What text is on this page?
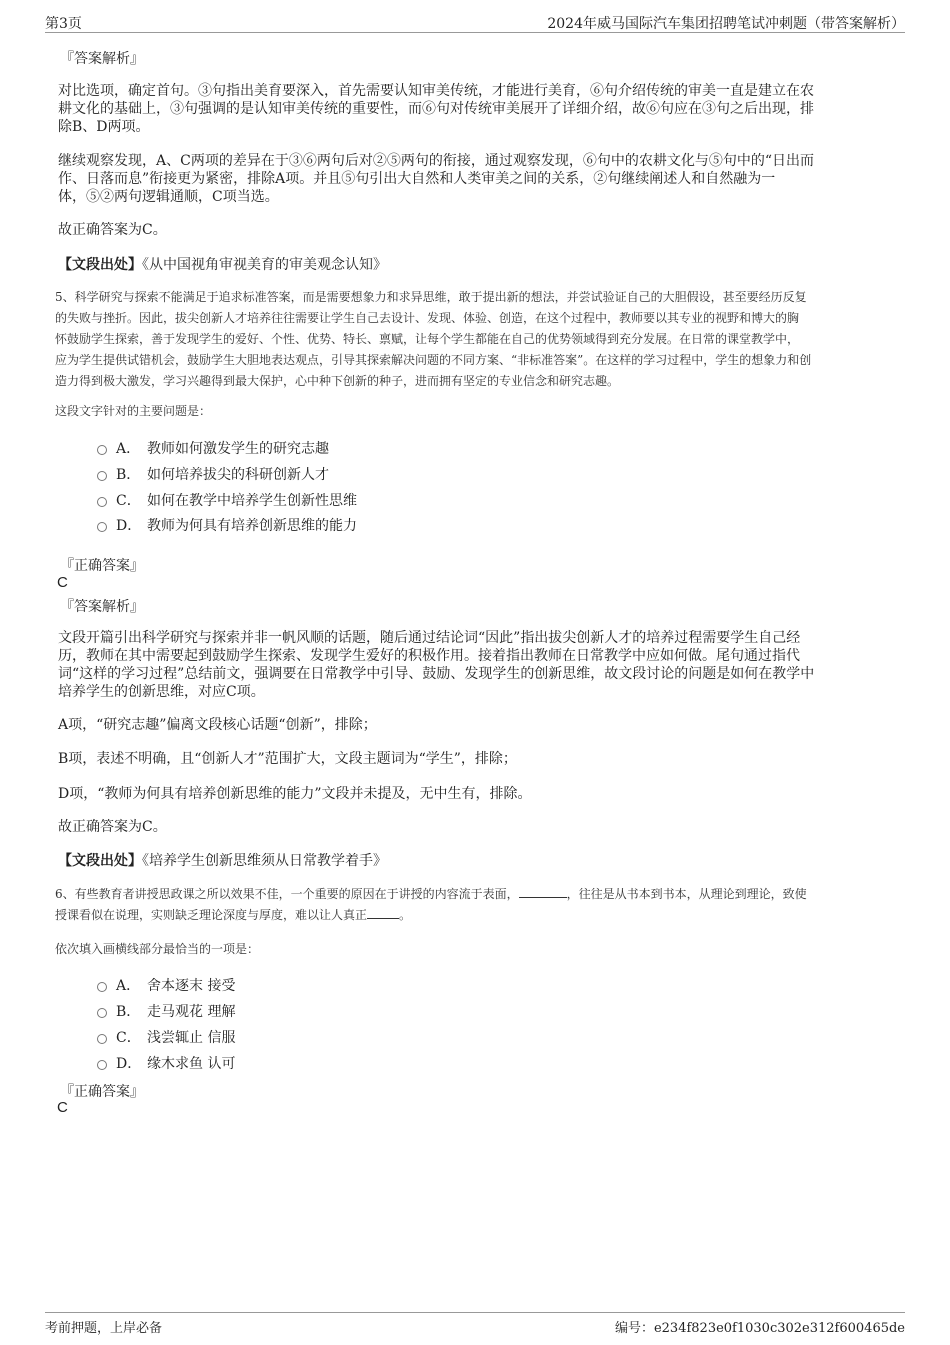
第3页	2024年威马国际汽车集团招聘笔试冲刺题（带答案解析）
『答案解析』
对比选项，确定首句。③句指出美育要深入，首先需要认知审美传统，才能进行美育，⑥句介绍传统的审美一直是建立在农
耕文化的基础上，③句强调的是认知审美传统的重要性，而⑥句对传统审美展开了详细介绍，故⑥句应在③句之后出现，排
除B、D两项。
继续观察发现，A、C两项的差异在于③⑥两句后对②⑤两句的衔接，通过观察发现，⑥句中的农耕文化与⑤句中的“日出而
作、日落而息”衔接更为紧密，排除A项。并且⑤句引出大自然和人类审美之间的关系，②句继续阐述人和自然融为一
体，⑤②两句逻辑通顺，C项当选。
故正确答案为C。
【文段出处】《从中国视角审视美育的审美观念认知》
5、科学研究与探索不能满足于追求标准答案，而是需要想象力和求异思维，敢于提出新的想法，并尝试验证自己的大胆假设，甚至要经历反复
的失败与挫折。因此，拔尖创新人才培养往往需要让学生自己去设计、发现、体验、创造，在这个过程中，教师要以其专业的视野和博大的胸
怀鼓励学生探索，善于发现学生的爱好、个性、优势、特长、禀赋，让每个学生都能在自己的优势领域得到充分发展。在日常的课堂教学中，
应为学生提供试错机会，鼓励学生大胆地表达观点，引导其探索解决问题的不同方案、“非标准答案”。在这样的学习过程中，学生的想象力和创
造力得到极大激发，学习兴趣得到最大保护，心中种下创新的种子，进而拥有坚定的专业信念和研究志趣。
这段文字针对的主要问题是：
A． 教师如何激发学生的研究志趣
B． 如何培养拔尖的科研创新人才
C． 如何在教学中培养学生创新性思维
D． 教师为何具有培养创新思维的能力
『正确答案』
C
『答案解析』
文段开篇引出科学研究与探索并非一帆风顺的话题，随后通过结论词“因此”指出拔尖创新人才的培养过程需要学生自己经
历，教师在其中需要起到鼓励学生探索、发现学生爱好的积极作用。接着指出教师在日常教学中应如何做。尾句通过指代
词“这样的学习过程”总结前文，强调要在日常教学中引导、鼓励、发现学生的创新思维，故文段讨论的问题是如何在教学中
培养学生的创新思维，对应C项。
A项，“研究志趣”偏离文段核心话题“创新”，排除；
B项，表述不明确，且“创新人才”范围扩大，文段主题词为“学生”，排除；
D项，“教师为何具有培养创新思维的能力”文段并未提及，无中生有，排除。
故正确答案为C。
【文段出处】《培养学生创新思维须从日常教学着手》
6、有些教育者讲授思政课之所以效果不佳，一个重要的原因在于讲授的内容流于表面，	，往往是从书本到书本，从理论到理论，致使
授课看似在说理，实则缺乏理论深度与厚度，难以让人真正	。
依次填入画横线部分最恰当的一项是：
A． 舍本逐末 接受
B． 走马观花 理解
C． 浅尝辄止 信服
D． 缘木求鱼 认可
『正确答案』
C
考前押题，上岸必备	编号：e234f823e0f1030c302e312f600465de
